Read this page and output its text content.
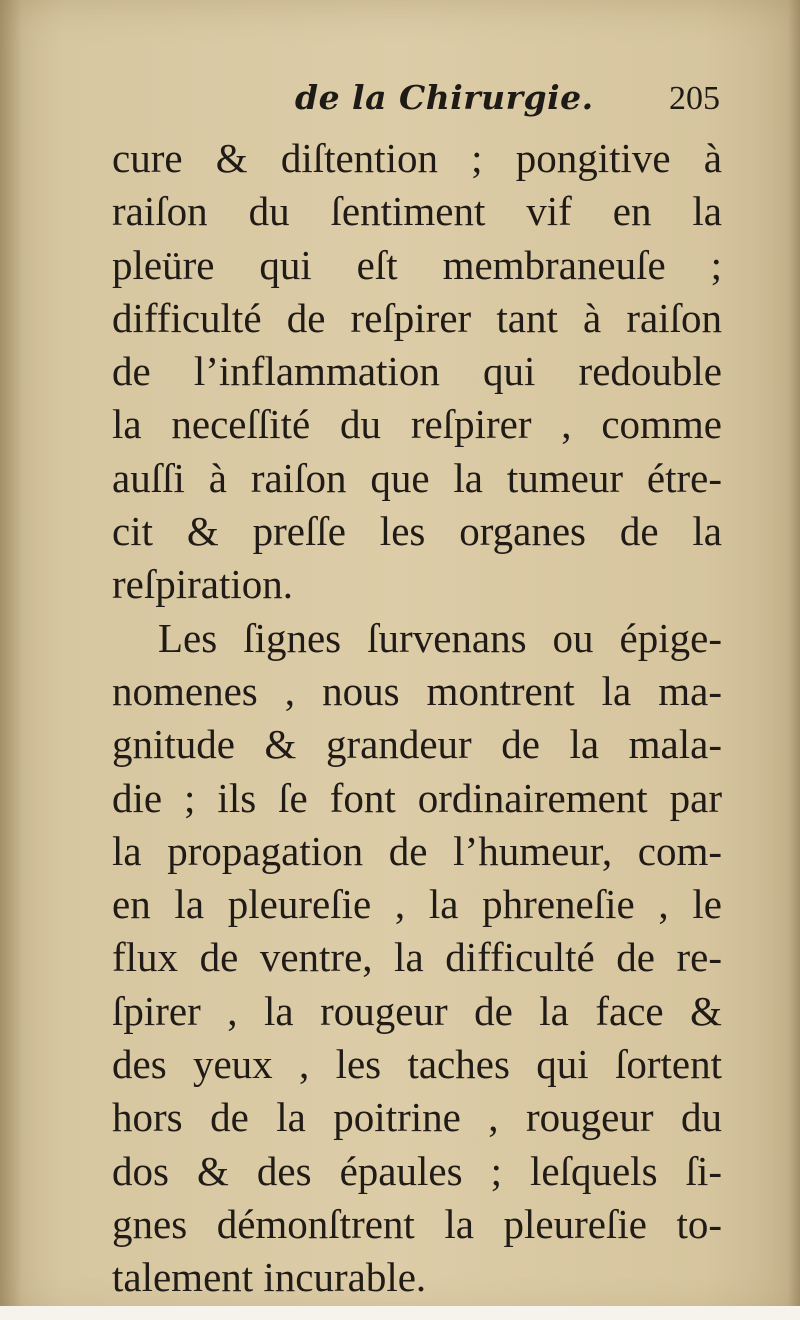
de la Chirurgie. 205
cure & diſtention ; pongitive à
raiſon du ſentiment vif en la
pleüre qui eſt membraneuſe ;
difficulté de reſpirer tant à raiſon
de l’inflammation qui redouble
la neceſſité du reſpirer , comme
auſſi à raiſon que la tumeur étre-
cit & preſſe les organes de la
reſpiration.
Les ſignes ſurvenans ou épige-
nomenes , nous montrent la ma-
gnitude & grandeur de la mala-
die ; ils ſe font ordinairement par
la propagation de l’humeur, com-
en la pleureſie , la phreneſie , le
flux de ventre, la difficulté de re-
ſpirer , la rougeur de la face &
des yeux , les taches qui ſortent
hors de la poitrine , rougeur du
dos & des épaules ; leſquels ſi-
gnes démonſtrent la pleureſie to-
talement incurable.
